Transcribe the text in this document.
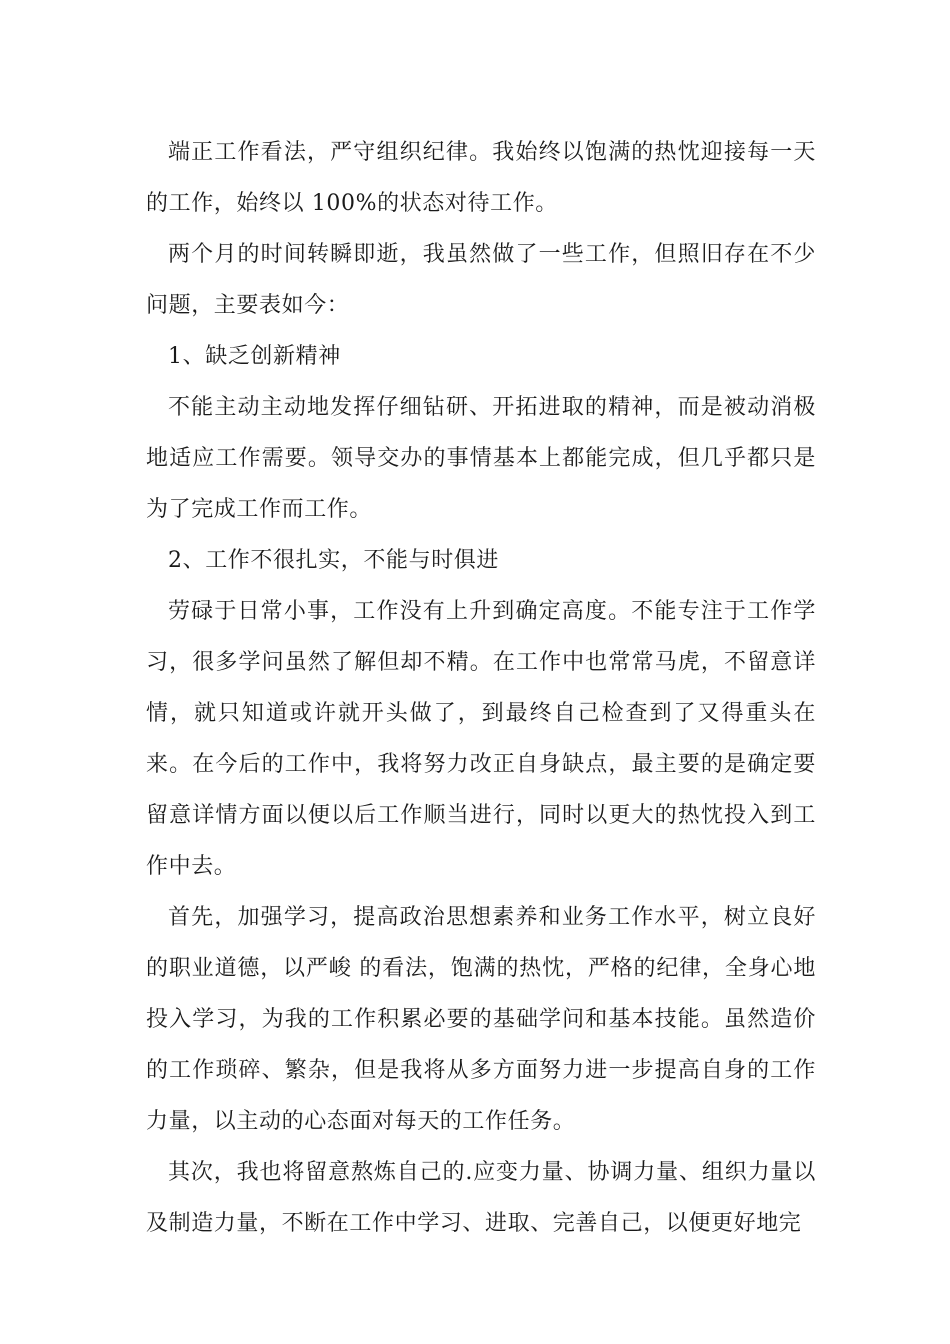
端正工作看法，严守组织纪律。我始终以饱满的热忱迎接每一天的工作，始终以 100%的状态对待工作。

两个月的时间转瞬即逝，我虽然做了一些工作，但照旧存在不少问题，主要表如今：

1、缺乏创新精神

不能主动主动地发挥仔细钻研、开拓进取的精神，而是被动消极地适应工作需要。领导交办的事情基本上都能完成，但几乎都只是为了完成工作而工作。

2、工作不很扎实，不能与时俱进

劳碌于日常小事，工作没有上升到确定高度。不能专注于工作学习，很多学问虽然了解但却不精。在工作中也常常马虎，不留意详情，就只知道或许就开头做了，到最终自己检查到了又得重头在来。在今后的工作中，我将努力改正自身缺点，最主要的是确定要留意详情方面以便以后工作顺当进行，同时以更大的热忱投入到工作中去。

首先，加强学习，提高政治思想素养和业务工作水平，树立良好的职业道德，以严峻 的看法，饱满的热忱，严格的纪律，全身心地投入学习，为我的工作积累必要的基础学问和基本技能。虽然造价的工作琐碎、繁杂，但是我将从多方面努力进一步提高自身的工作力量，以主动的心态面对每天的工作任务。

其次，我也将留意熬炼自己的.应变力量、协调力量、组织力量以及制造力量，不断在工作中学习、进取、完善自己，以便更好地完
